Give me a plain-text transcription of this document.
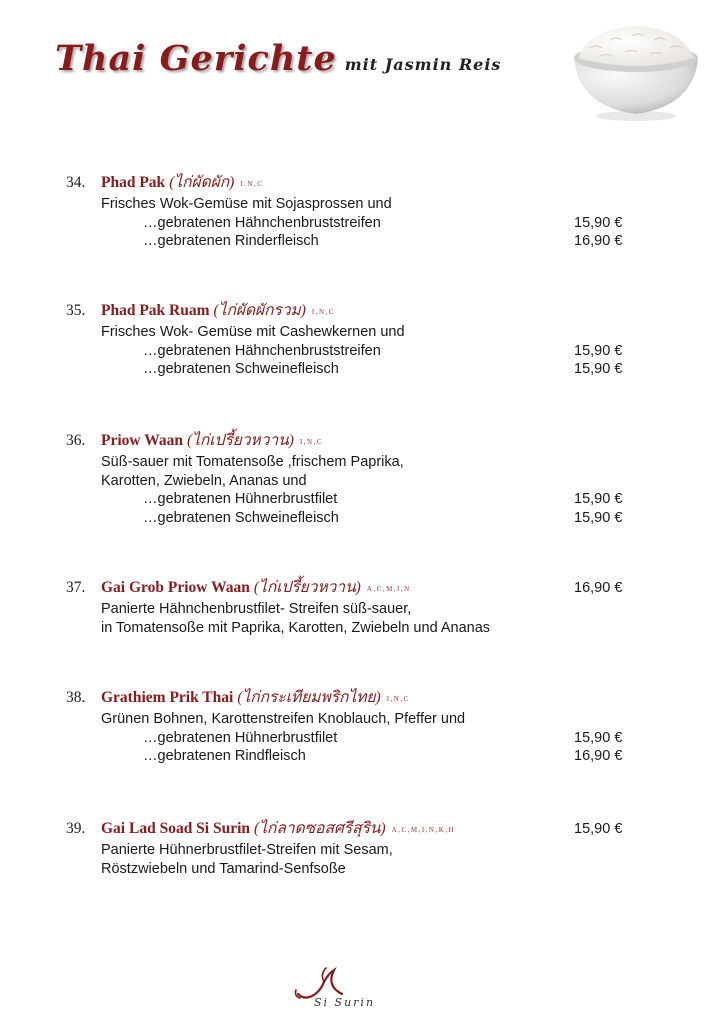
Thai Gerichte mit Jasmin Reis
34. Phad Pak (ไก่ผัดผัก) I,N,C
Frisches Wok-Gemüse mit Sojasprossen und
…gebratenen Hähnchenbruststreifen	15,90 €
…gebratenen Rinderfleisch	16,90 €
35. Phad Pak Ruam (ไก่ผัดผักรวม) I,N,C
Frisches Wok- Gemüse mit Cashewkernen und
…gebratenen Hähnchenbruststreifen	15,90 €
…gebratenen Schweinefleisch	15,90 €
36. Priow Waan (ไก่เปรี้ยวหวาน) I,N,C
Süß-sauer mit Tomatensoße ,frischem Paprika,
Karotten, Zwiebeln, Ananas und
…gebratenen Hühnerbrustfilet	15,90 €
…gebratenen Schweinefleisch	15,90 €
37. Gai Grob Priow Waan (ไก่เปรี้ยวหวาน) A,C,M,I,N	16,90 €
Panierte Hähnchenbrustfilet- Streifen süß-sauer,
in Tomatensoße mit Paprika, Karotten, Zwiebeln und Ananas
38. Grathiem Prik Thai (ไก่กระเทียมพริกไทย) I,N,C
Grünen Bohnen, Karottenstreifen Knoblauch, Pfeffer und
…gebratenen Hühnerbrustfilet	15,90 €
…gebratenen Rindfleisch	16,90 €
39. Gai Lad Soad Si Surin (ไก่ลาดซอสศรีสุริน) A,C,M,I,N,K,H	15,90 €
Panierte Hühnerbrustfilet-Streifen mit Sesam,
Röstzwiebeln und Tamarind-Senfsoße
Si Surin
